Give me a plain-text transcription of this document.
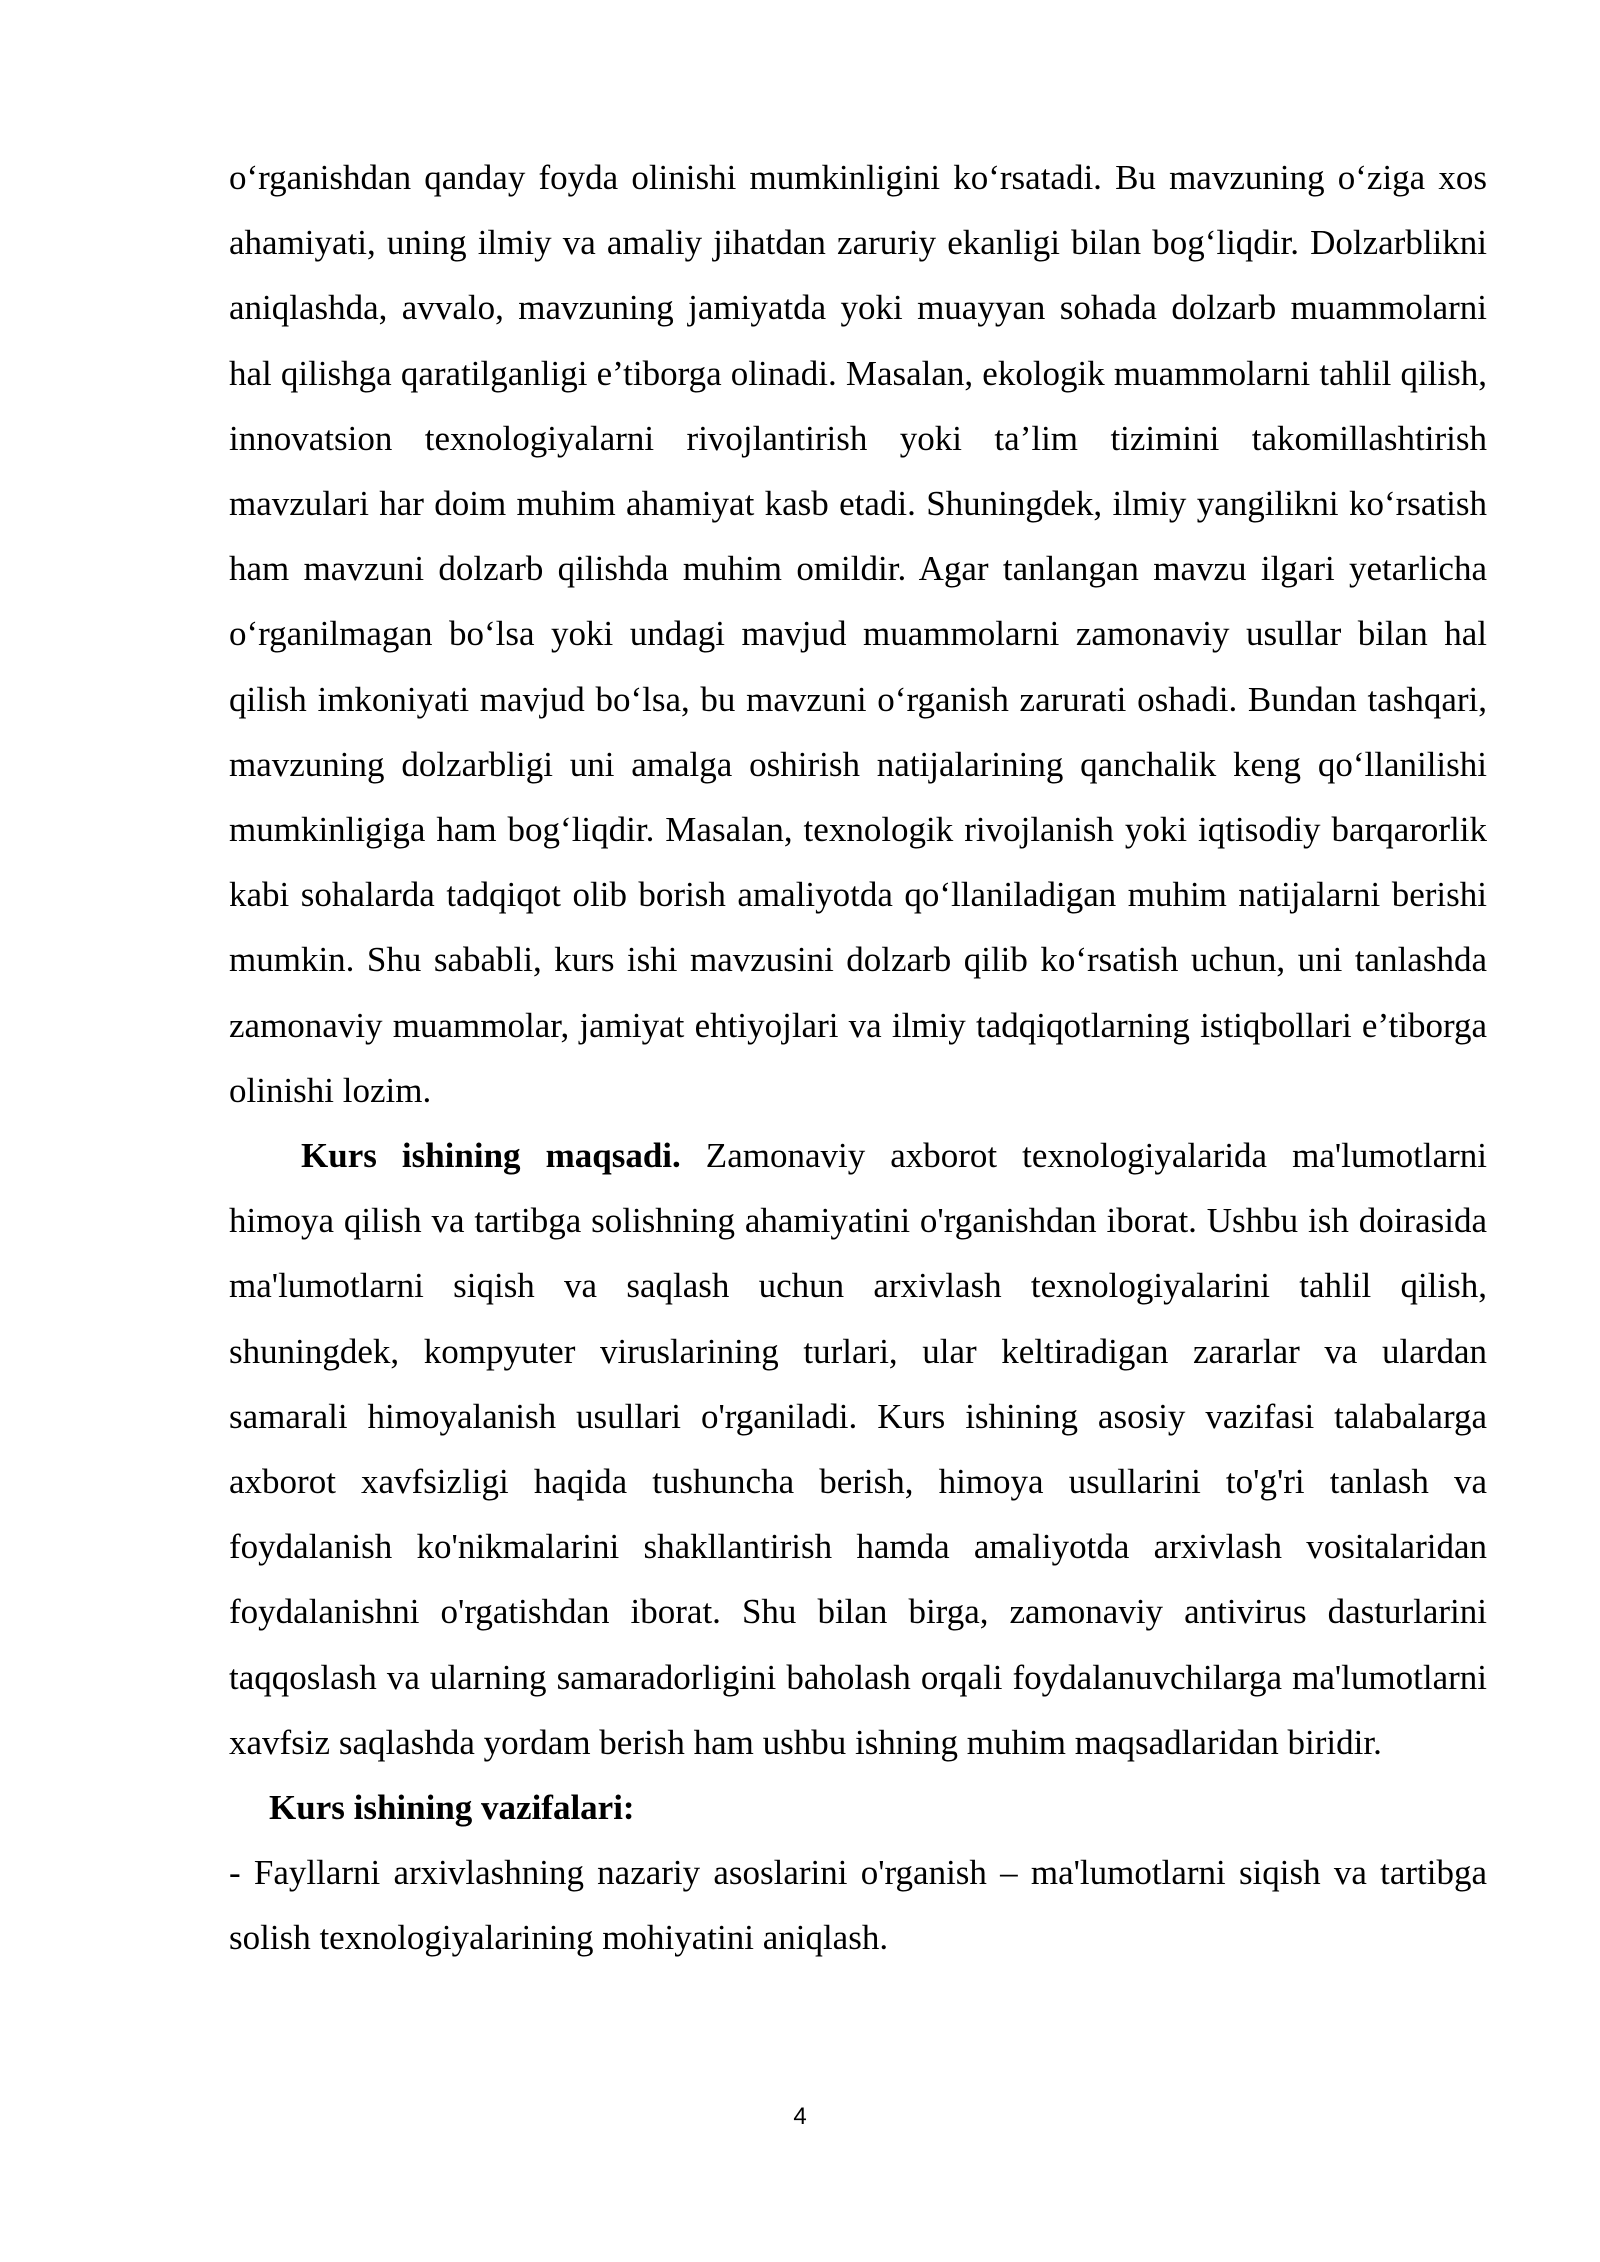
o‘rganishdan qanday foyda olinishi mumkinligini ko‘rsatadi. Bu mavzuning o‘ziga xos ahamiyati, uning ilmiy va amaliy jihatdan zaruriy ekanligi bilan bog‘liqdir. Dolzarblikni aniqlashda, avvalo, mavzuning jamiyatda yoki muayyan sohada dolzarb muammolarni hal qilishga qaratilganligi e’tiborga olinadi. Masalan, ekologik muammolarni tahlil qilish, innovatsion texnologiyalarni rivojlantirish yoki ta’lim tizimini takomillashtirish mavzulari har doim muhim ahamiyat kasb etadi. Shuningdek, ilmiy yangilikni ko‘rsatish ham mavzuni dolzarb qilishda muhim omildir. Agar tanlangan mavzu ilgari yetarlicha o‘rganilmagan bo‘lsa yoki undagi mavjud muammolarni zamonaviy usullar bilan hal qilish imkoniyati mavjud bo‘lsa, bu mavzuni o‘rganish zarurati oshadi. Bundan tashqari, mavzuning dolzarbligi uni amalga oshirish natijalarining qanchalik keng qo‘llanilishi mumkinligiga ham bog‘liqdir. Masalan, texnologik rivojlanish yoki iqtisodiy barqarorlik kabi sohalarda tadqiqot olib borish amaliyotda qo‘llaniladigan muhim natijalarni berishi mumkin. Shu sababli, kurs ishi mavzusini dolzarb qilib ko‘rsatish uchun, uni tanlashda zamonaviy muammolar, jamiyat ehtiyojlari va ilmiy tadqiqotlarning istiqbollari e’tiborga olinishi lozim.

Kurs ishining maqsadi. Zamonaviy axborot texnologiyalarida ma'lumotlarni himoya qilish va tartibga solishning ahamiyatini o'rganishdan iborat. Ushbu ish doirasida ma'lumotlarni siqish va saqlash uchun arxivlash texnologiyalarini tahlil qilish, shuningdek, kompyuter viruslarining turlari, ular keltiradigan zararlar va ulardan samarali himoyalanish usullari o'rganiladi. Kurs ishining asosiy vazifasi talabalarga axborot xavfsizligi haqida tushuncha berish, himoya usullarini to'g'ri tanlash va foydalanish ko'nikmalarini shakllantirish hamda amaliyotda arxivlash vositalaridan foydalanishni o'rgatishdan iborat. Shu bilan birga, zamonaviy antivirus dasturlarini taqqoslash va ularning samaradorligini baholash orqali foydalanuvchilarga ma'lumotlarni xavfsiz saqlashda yordam berish ham ushbu ishning muhim maqsadlaridan biridir.

Kurs ishining vazifalari:

- Fayllarni arxivlashning nazariy asoslarini o'rganish – ma'lumotlarni siqish va tartibga solish texnologiyalarining mohiyatini aniqlash.

4
